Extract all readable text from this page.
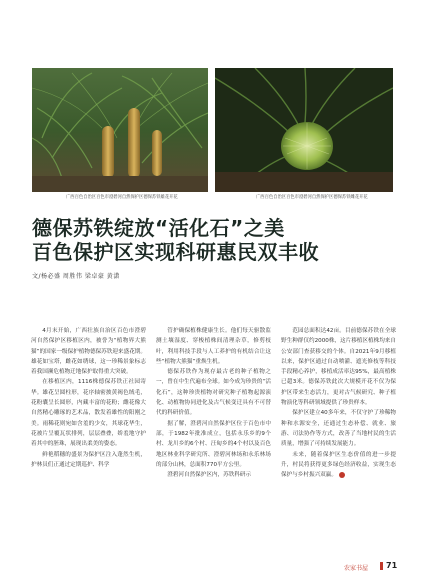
广西百色自治区百色市澄碧河自然保护区德保苏铁雄花开花	广西百色自治区百色市澄碧河自然保护区德保苏铁雌花开花
德保苏铁绽放“活化石”之美
百色保护区实现科研惠民双丰收
文/杨必盛 周胜伟 梁卓豪 黄潇

4月末开始，广西壮族自治区百色市澄碧河自然保护区移植区内，被誉为“植物界大熊猫”的国家一级保护植物德保苏铁迎来盛花期。雄花如宝塔，雌花如绣球，这一珍稀景象标志着我国濒危植物迁地保护取得重大突破。

在移植区内，1116株德保苏铁正社园寄华。雄花呈圆柱形，花序轴密披黄褐色绒毛，花粉囊呈长圆形，内藏丰富的花粉；雌花像大自然精心雕琢的艺术品，散发着雄性的阳刚之美。雨稀花则宛如含羞的少女，其球花华生，花被片呈覆瓦状排列，层层叠叠，娇羞地守护着其中的胚珠，展现出柔美的姿态。

鲜艳稻穗的盛景为保护区注入蓬然生机，护林员们正通过定期巡护、科学

管护确保植株健康生长。他们每天驱散监测土壤湿度、穿梭植株间清理杂草，修剪枝叶，利用科技手段与人工养护的有机结合让这些“植物大熊猫”重焕生机。

德保苏铁作为现存最古老的种子植物之一，曾在中生代遍布全球。如今成为珍贵的“活化石”，这种珍贵植物对研究种子植物起源演化、动植物协同进化及古气候变迁具有不可替代的科研价值。

据了解，澄碧河自然保护区位于百色市中部，于1982年批准成立，包括永乐乡的9个村、龙川乡的6个村、汪甸乡的4个村以及百色地区林业科学研究所、澄碧河林场和永乐林场的部分山林，总面积770平方公里。

澄碧河自然保护区内，苏铁科研示

范园总面积达42亩。目前德保苏铁在全球野生种群仅约2000株，这片移植区植株均来自公安部门查获移交的个体。自2021年9月移植以来，保护区通过自动喷灌、遮光修枝等科技手段精心养护，移植成活率达95%，最高植株已超3米。德保苏铁此次大规模开花不仅为保护区带来生态活力，更对古气候研究、种子植物演化等科研领域提供了珍贵样本。

保护区建立40多年来，不仅守护了珍稀物种和水源安全，还通过生态补偿、就业、旅游、司法协作等方式，改善了当地村民的生活质量，增强了可持续发展能力。

未来，随着保护区生态价值的进一步提升，村民将获得更多绿色经济收益，实现生态保护与乡村振兴双赢。

农家书屋 71
